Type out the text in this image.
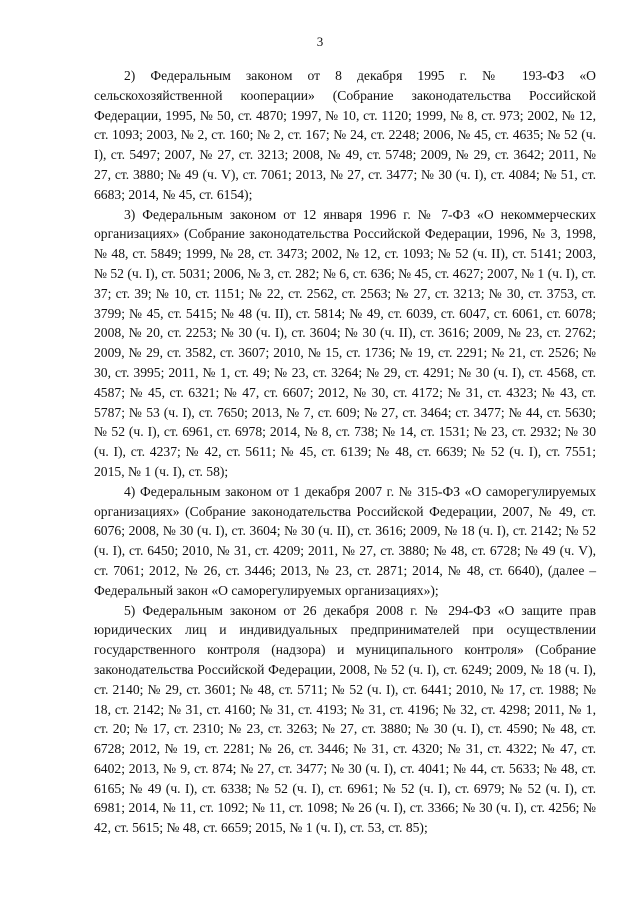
3

2) Федеральным законом от 8 декабря 1995 г. № 193-ФЗ «О сельскохозяйственной кооперации» (Собрание законодательства Российской Федерации, 1995, № 50, ст. 4870; 1997, № 10, ст. 1120; 1999, № 8, ст. 973; 2002, № 12, ст. 1093; 2003, № 2, ст. 160; № 2, ст. 167; № 24, ст. 2248; 2006, № 45, ст. 4635; № 52 (ч. I), ст. 5497; 2007, № 27, ст. 3213; 2008, № 49, ст. 5748; 2009, № 29, ст. 3642; 2011, № 27, ст. 3880; № 49 (ч. V), ст. 7061; 2013, № 27, ст. 3477; № 30 (ч. I), ст. 4084; № 51, ст. 6683; 2014, № 45, ст. 6154);

3) Федеральным законом от 12 января 1996 г. № 7-ФЗ «О некоммерческих организациях» (Собрание законодательства Российской Федерации, 1996, № 3, 1998, № 48, ст. 5849; 1999, № 28, ст. 3473; 2002, № 12, ст. 1093; № 52 (ч. II), ст. 5141; 2003, № 52 (ч. I), ст. 5031; 2006, № 3, ст. 282; № 6, ст. 636; № 45, ст. 4627; 2007, № 1 (ч. I), ст. 37; ст. 39; № 10, ст. 1151; № 22, ст. 2562, ст. 2563; № 27, ст. 3213; № 30, ст. 3753, ст. 3799; № 45, ст. 5415; № 48 (ч. II), ст. 5814; № 49, ст. 6039, ст. 6047, ст. 6061, ст. 6078; 2008, № 20, ст. 2253; № 30 (ч. I), ст. 3604; № 30 (ч. II), ст. 3616; 2009, № 23, ст. 2762; 2009, № 29, ст. 3582, ст. 3607; 2010, № 15, ст. 1736; № 19, ст. 2291; № 21, ст. 2526; № 30, ст. 3995; 2011, № 1, ст. 49; № 23, ст. 3264; № 29, ст. 4291; № 30 (ч. I), ст. 4568, ст. 4587; № 45, ст. 6321; № 47, ст. 6607; 2012, № 30, ст. 4172; № 31, ст. 4323; № 43, ст. 5787; № 53 (ч. I), ст. 7650; 2013, № 7, ст. 609; № 27, ст. 3464; ст. 3477; № 44, ст. 5630; № 52 (ч. I), ст. 6961, ст. 6978; 2014, № 8, ст. 738; № 14, ст. 1531; № 23, ст. 2932; № 30 (ч. I), ст. 4237; № 42, ст. 5611; № 45, ст. 6139; № 48, ст. 6639; № 52 (ч. I), ст. 7551; 2015, № 1 (ч. I), ст. 58);

4) Федеральным законом от 1 декабря 2007 г. № 315-ФЗ «О саморегулируемых организациях» (Собрание законодательства Российской Федерации, 2007, № 49, ст. 6076; 2008, № 30 (ч. I), ст. 3604; № 30 (ч. II), ст. 3616; 2009, № 18 (ч. I), ст. 2142; № 52 (ч. I), ст. 6450; 2010, № 31, ст. 4209; 2011, № 27, ст. 3880; № 48, ст. 6728; № 49 (ч. V), ст. 7061; 2012, № 26, ст. 3446; 2013, № 23, ст. 2871; 2014, № 48, ст. 6640), (далее – Федеральный закон «О саморегулируемых организациях»);

5) Федеральным законом от 26 декабря 2008 г. № 294-ФЗ «О защите прав юридических лиц и индивидуальных предпринимателей при осуществлении государственного контроля (надзора) и муниципального контроля» (Собрание законодательства Российской Федерации, 2008, № 52 (ч. I), ст. 6249; 2009, № 18 (ч. I), ст. 2140; № 29, ст. 3601; № 48, ст. 5711; № 52 (ч. I), ст. 6441; 2010, № 17, ст. 1988; № 18, ст. 2142; № 31, ст. 4160; № 31, ст. 4193; № 31, ст. 4196; № 32, ст. 4298; 2011, № 1, ст. 20; № 17, ст. 2310; № 23, ст. 3263; № 27, ст. 3880; № 30 (ч. I), ст. 4590; № 48, ст. 6728; 2012, № 19, ст. 2281; № 26, ст. 3446; № 31, ст. 4320; № 31, ст. 4322; № 47, ст. 6402; 2013, № 9, ст. 874; № 27, ст. 3477; № 30 (ч. I), ст. 4041; № 44, ст. 5633; № 48, ст. 6165; № 49 (ч. I), ст. 6338; № 52 (ч. I), ст. 6961; № 52 (ч. I), ст. 6979; № 52 (ч. I), ст. 6981; 2014, № 11, ст. 1092; № 11, ст. 1098; № 26 (ч. I), ст. 3366; № 30 (ч. I), ст. 4256; № 42, ст. 5615; № 48, ст. 6659; 2015, № 1 (ч. I), ст. 53, ст. 85);
